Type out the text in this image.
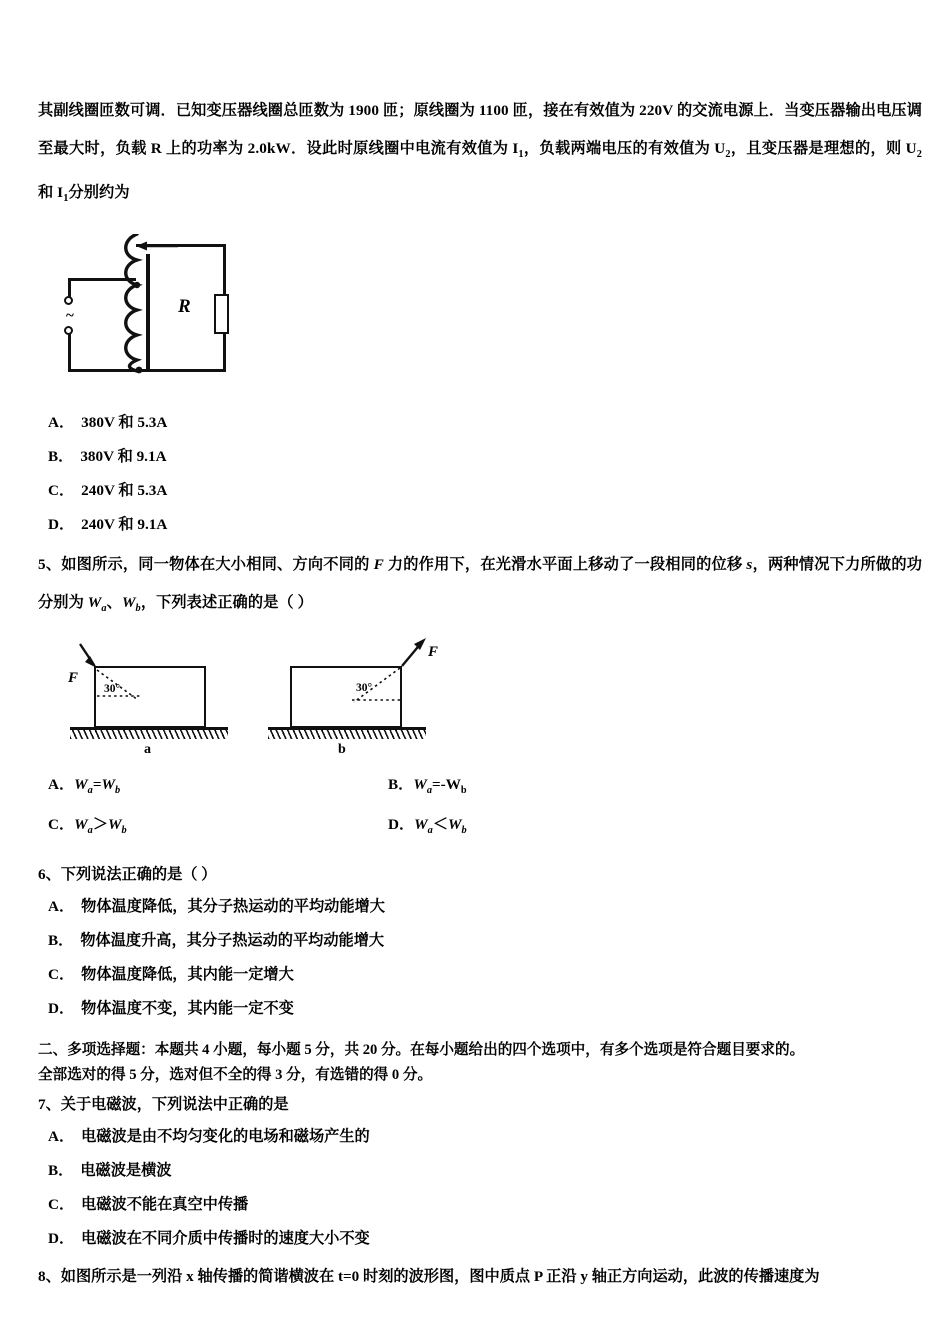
其副线圈匝数可调．已知变压器线圈总匝数为 1900 匝；原线圈为 1100 匝，接在有效值为 220V 的交流电源上．当变压器输出电压调至最大时，负载 R 上的功率为 2.0kW．设此时原线圈中电流有效值为 $I_1$，负载两端电压的有效值为 $U_2$，且变压器是理想的，则 $U_2$和 $I_1$分别约为
~	R
A． 380V 和 5.3A
B． 380V 和 9.1A
C． 240V 和 5.3A
D． 240V 和 9.1A
5、如图所示，同一物体在大小相同、方向不同的 F 力的作用下，在光滑水平面上移动了一段相同的位移 s，两种情况下力所做的功分别为 $W_a$、$W_b$，下列表述正确的是（ ）
a
30°
F
b
30°
F
A．$W_a=W_b$	B．$W_a=-W_b$
C．$W_a>W_b$	D．$W_a<W_b$
6、下列说法正确的是（ ）
A． 物体温度降低，其分子热运动的平均动能增大
B． 物体温度升高，其分子热运动的平均动能增大
C． 物体温度降低，其内能一定增大
D． 物体温度不变，其内能一定不变
二、多项选择题：本题共 4 小题，每小题 5 分，共 20 分。在每小题给出的四个选项中，有多个选项是符合题目要求的。
全部选对的得 5 分，选对但不全的得 3 分，有选错的得 0 分。
7、关于电磁波，下列说法中正确的是
A． 电磁波是由不均匀变化的电场和磁场产生的
B． 电磁波是横波
C． 电磁波不能在真空中传播
D． 电磁波在不同介质中传播时的速度大小不变
8、如图所示是一列沿 x 轴传播的简谐横波在 t=0 时刻的波形图，图中质点 P 正沿 y 轴正方向运动，此波的传播速度为
